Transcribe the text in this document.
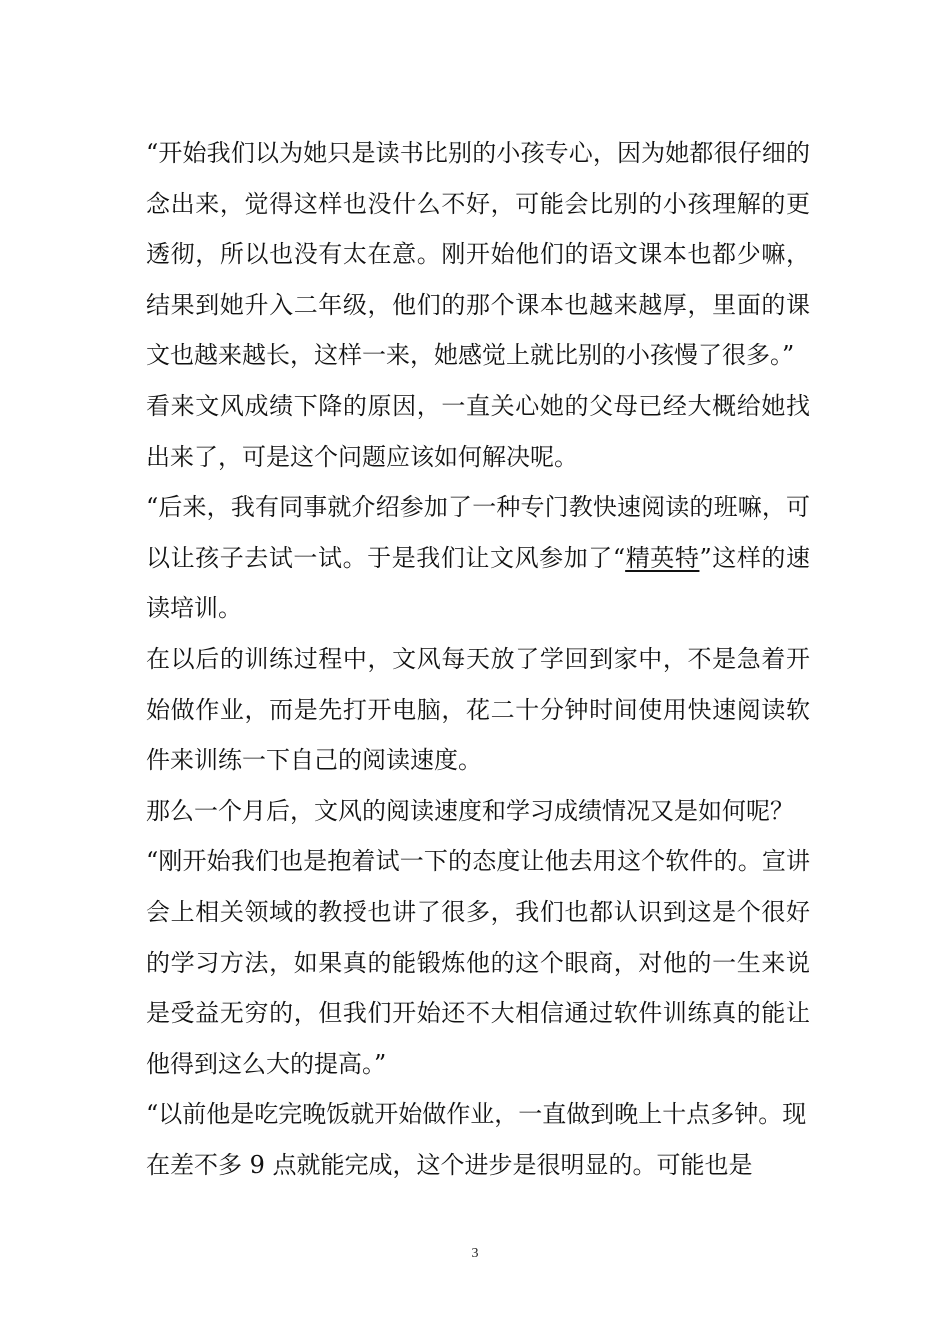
“开始我们以为她只是读书比别的小孩专心，因为她都很仔细的念出来，觉得这样也没什么不好，可能会比别的小孩理解的更透彻，所以也没有太在意。刚开始他们的语文课本也都少嘛，结果到她升入二年级，他们的那个课本也越来越厚，里面的课文也越来越长，这样一来，她感觉上就比别的小孩慢了很多。”

看来文风成绩下降的原因，一直关心她的父母已经大概给她找出来了，可是这个问题应该如何解决呢。

“后来，我有同事就介绍参加了一种专门教快速阅读的班嘛，可以让孩子去试一试。于是我们让文风参加了“精英特”这样的速读培训。

在以后的训练过程中，文风每天放了学回到家中，不是急着开始做作业，而是先打开电脑，花二十分钟时间使用快速阅读软件来训练一下自己的阅读速度。

那么一个月后，文风的阅读速度和学习成绩情况又是如何呢？

“刚开始我们也是抱着试一下的态度让他去用这个软件的。宣讲会上相关领域的教授也讲了很多，我们也都认识到这是个很好的学习方法，如果真的能锻炼他的这个眼商，对他的一生来说是受益无穷的，但我们开始还不大相信通过软件训练真的能让他得到这么大的提高。”

“以前他是吃完晚饭就开始做作业，一直做到晚上十点多钟。现在差不多 9 点就能完成，这个进步是很明显的。可能也是

3
